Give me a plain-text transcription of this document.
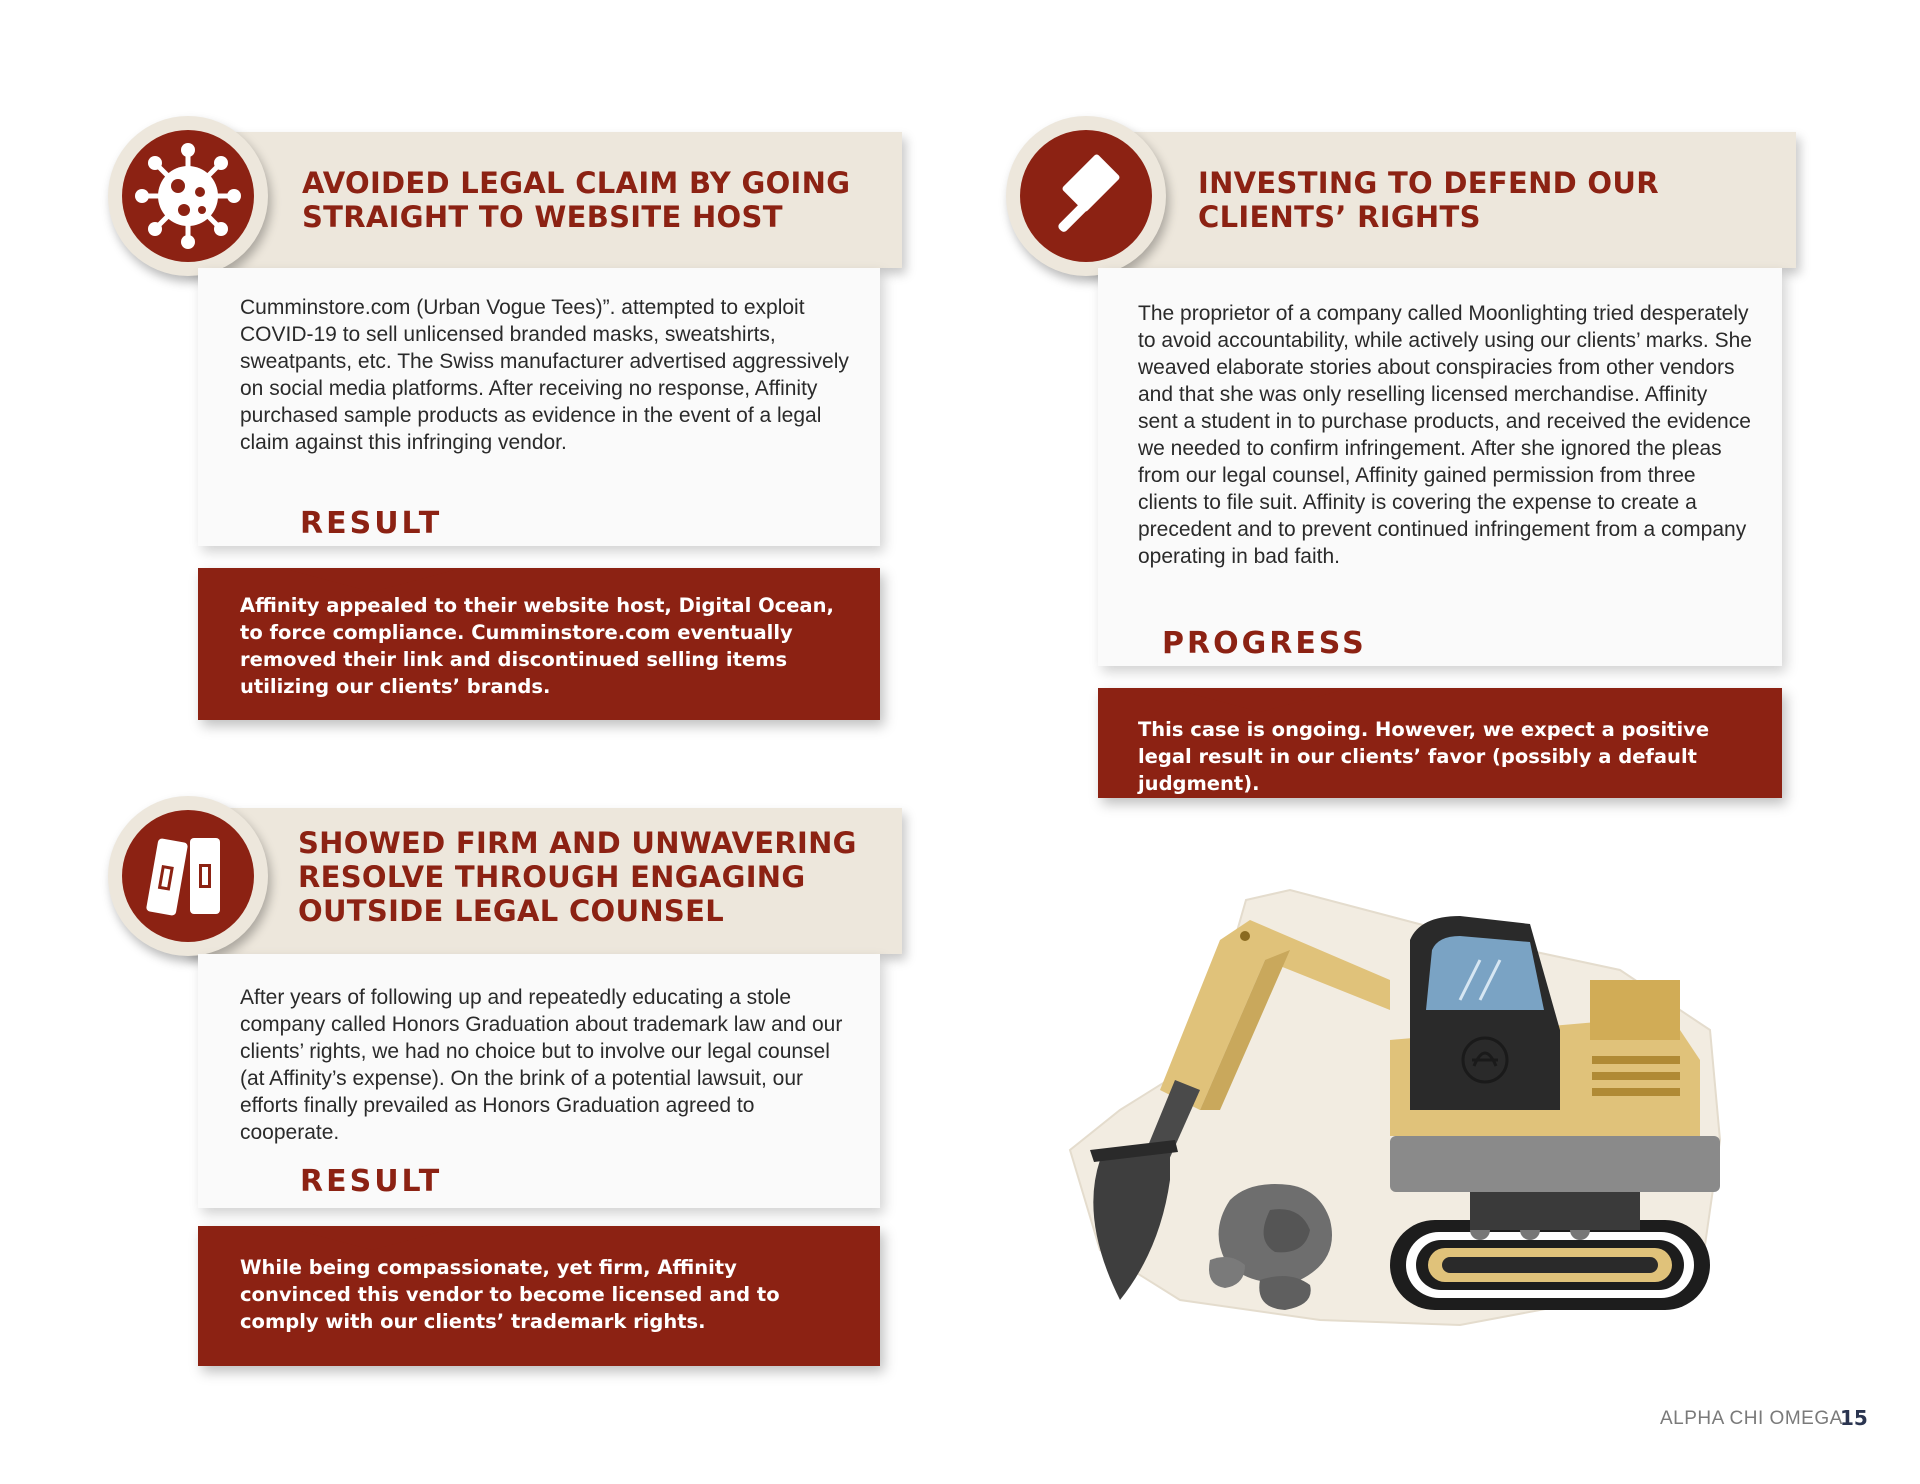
AVOIDED LEGAL CLAIM BY GOING STRAIGHT TO WEBSITE HOST

Cumminstore.com (Urban Vogue Tees)”. attempted to exploit COVID-19 to sell unlicensed branded masks, sweatshirts, sweatpants, etc. The Swiss manufacturer advertised aggressively on social media platforms. After receiving no response, Affinity purchased sample products as evidence in the event of a legal claim against this infringing vendor.

RESULT

Affinity appealed to their website host, Digital Ocean, to force compliance. Cumminstore.com eventually removed their link and discontinued selling items utilizing our clients’ brands.

INVESTING TO DEFEND OUR CLIENTS’ RIGHTS

The proprietor of a company called Moonlighting tried desperately to avoid accountability, while actively using our clients’ marks. She weaved elaborate stories about conspiracies from other vendors and that she was only reselling licensed merchandise. Affinity sent a student in to purchase products, and received the evidence we needed to confirm infringement. After she ignored the pleas from our legal counsel, Affinity gained permission from three clients to file suit. Affinity is covering the expense to create a precedent and to prevent continued infringement from a company operating in bad faith.

PROGRESS

This case is ongoing. However, we expect a positive legal result in our clients’ favor (possibly a default judgment).

SHOWED FIRM AND UNWAVERING RESOLVE THROUGH ENGAGING OUTSIDE LEGAL COUNSEL

After years of following up and repeatedly educating a stole company called Honors Graduation about trademark law and our clients’ rights, we had no choice but to involve our legal counsel (at Affinity’s expense). On the brink of a potential lawsuit, our efforts finally prevailed as Honors Graduation agreed to cooperate.

RESULT

While being compassionate, yet firm, Affinity convinced this vendor to become licensed and to comply with our clients’ trademark rights.

ALPHA CHI OMEGA
15
